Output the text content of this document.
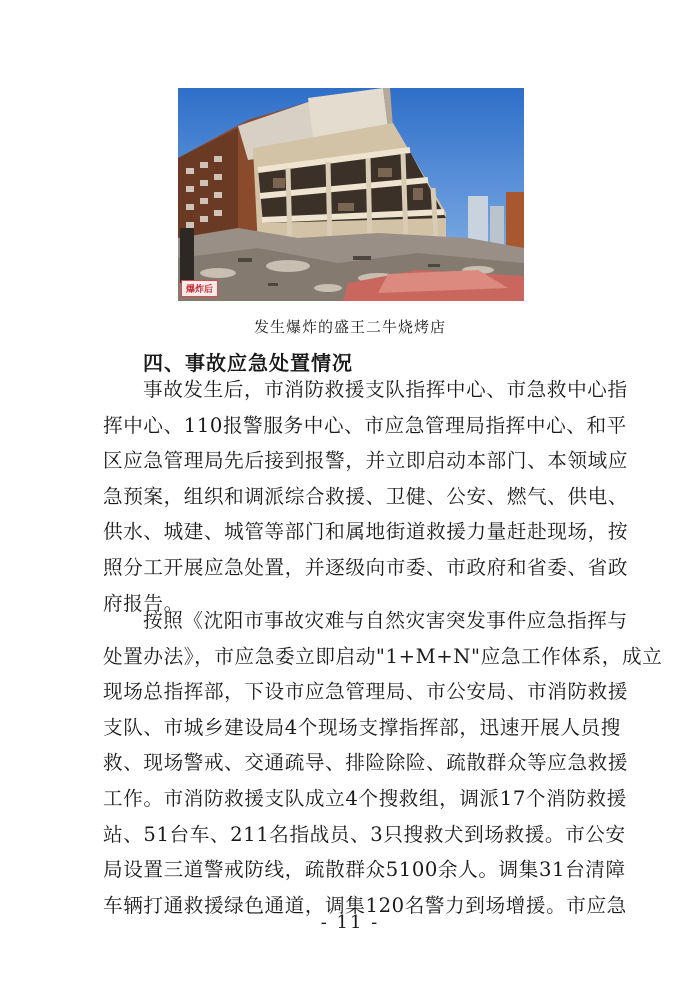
爆炸后
发生爆炸的盛王二牛烧烤店
四、事故应急处置情况
事故发生后，市消防救援支队指挥中心、市急救中心指
挥中心、110报警服务中心、市应急管理局指挥中心、和平
区应急管理局先后接到报警，并立即启动本部门、本领域应
急预案，组织和调派综合救援、卫健、公安、燃气、供电、
供水、城建、城管等部门和属地街道救援力量赶赴现场，按
照分工开展应急处置，并逐级向市委、市政府和省委、省政
府报告。
按照《沈阳市事故灾难与自然灾害突发事件应急指挥与
处置办法》，市应急委立即启动"1+M+N"应急工作体系，成立
现场总指挥部，下设市应急管理局、市公安局、市消防救援
支队、市城乡建设局4个现场支撑指挥部，迅速开展人员搜
救、现场警戒、交通疏导、排险除险、疏散群众等应急救援
工作。市消防救援支队成立4个搜救组，调派17个消防救援
站、51台车、211名指战员、3只搜救犬到场救援。市公安
局设置三道警戒防线，疏散群众5100余人。调集31台清障
车辆打通救援绿色通道，调集120名警力到场增援。市应急
- 11 -
